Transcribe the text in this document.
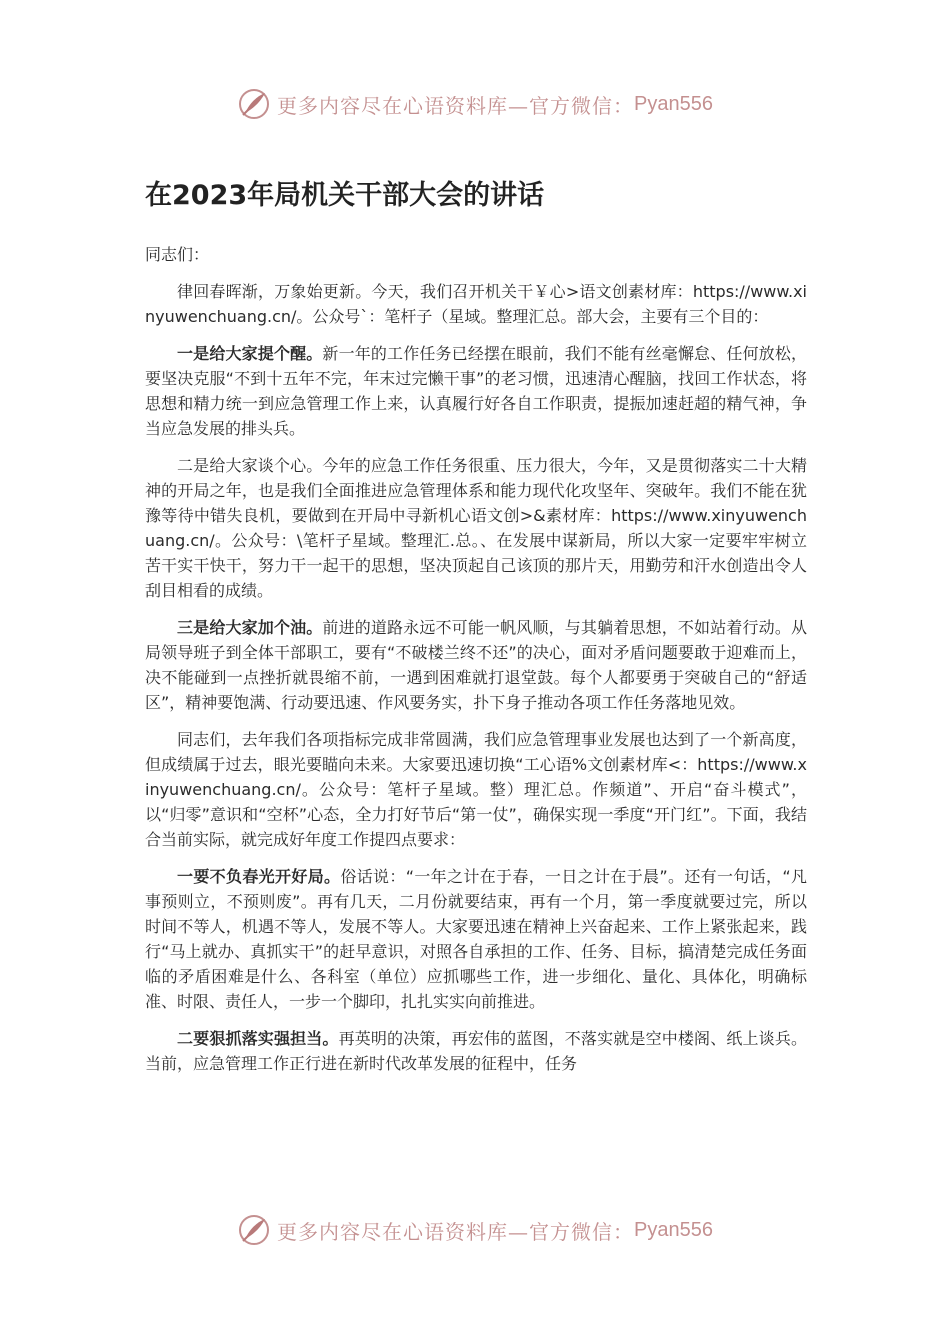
更多内容尽在心语资料库—官方微信： Pyan556
在2023年局机关干部大会的讲话
同志们：
律回春晖渐，万象始更新。今天，我们召开机关干￥心>语文创素材库：https://www.xinyuwenchuang.cn/。公众号`：笔杆子（星域。整理汇总。部大会，主要有三个目的：
一是给大家提个醒。新一年的工作任务已经摆在眼前，我们不能有丝毫懈怠、任何放松，要坚决克服“不到十五年不完，年末过完懒干事”的老习惯，迅速清心醒脑，找回工作状态，将思想和精力统一到应急管理工作上来，认真履行好各自工作职责，提振加速赶超的精气神，争当应急发展的排头兵。
二是给大家谈个心。今年的应急工作任务很重、压力很大，今年，又是贯彻落实二十大精神的开局之年，也是我们全面推进应急管理体系和能力现代化攻坚年、突破年。我们不能在犹豫等待中错失良机，要做到在开局中寻新机心语文创>&素材库：https://www.xinyuwenchuang.cn/。公众号：\笔杆子星域。整理汇.总。、在发展中谋新局，所以大家一定要牢牢树立苦干实干快干，努力干一起干的思想，坚决顶起自己该顶的那片天，用勤劳和汗水创造出令人刮目相看的成绩。
三是给大家加个油。前进的道路永远不可能一帆风顺，与其躺着思想，不如站着行动。从局领导班子到全体干部职工，要有“不破楼兰终不还”的决心，面对矛盾问题要敢于迎难而上，决不能碰到一点挫折就畏缩不前，一遇到困难就打退堂鼓。每个人都要勇于突破自己的“舒适区”，精神要饱满、行动要迅速、作风要务实，扑下身子推动各项工作任务落地见效。
同志们，去年我们各项指标完成非常圆满，我们应急管理事业发展也达到了一个新高度，但成绩属于过去，眼光要瞄向未来。大家要迅速切换“工心语%文创素材库<：https://www.xinyuwenchuang.cn/。公众号：笔杆子星域。整）理汇总。作频道”、开启“奋斗模式”，以“归零”意识和“空杯”心态，全力打好节后“第一仗”，确保实现一季度“开门红”。下面，我结合当前实际，就完成好年度工作提四点要求：
一要不负春光开好局。俗话说：“一年之计在于春，一日之计在于晨”。还有一句话，“凡事预则立，不预则废”。再有几天，二月份就要结束，再有一个月，第一季度就要过完，所以时间不等人，机遇不等人，发展不等人。大家要迅速在精神上兴奋起来、工作上紧张起来，践行“马上就办、真抓实干”的赶早意识，对照各自承担的工作、任务、目标，搞清楚完成任务面临的矛盾困难是什么、各科室（单位）应抓哪些工作，进一步细化、量化、具体化，明确标准、时限、责任人，一步一个脚印，扎扎实实向前推进。
二要狠抓落实强担当。再英明的决策，再宏伟的蓝图，不落实就是空中楼阁、纸上谈兵。当前，应急管理工作正行进在新时代改革发展的征程中，任务
更多内容尽在心语资料库—官方微信： Pyan556
